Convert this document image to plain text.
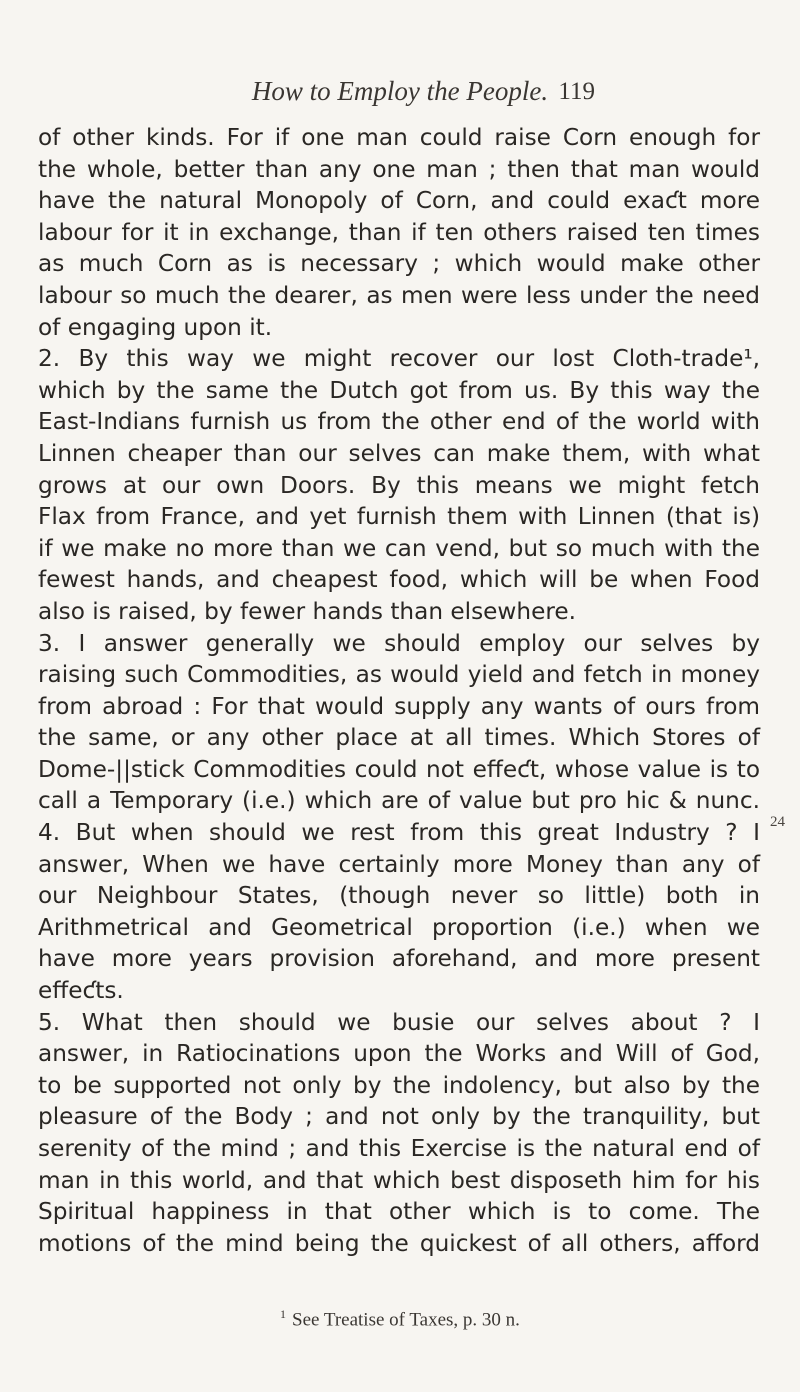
How to Employ the People. 119
of other kinds. For if one man could raise Corn enough for
the whole, better than any one man ; then that man would
have the natural Monopoly of Corn, and could exaƈt more
labour for it in exchange, than if ten others raised ten times
as much Corn as is necessary ; which would make other
labour so much the dearer, as men were less under the need
of engaging upon it.
2. By this way we might recover our lost Cloth-trade¹,
which by the same the Dutch got from us. By this way the
East-Indians furnish us from the other end of the world with
Linnen cheaper than our selves can make them, with what
grows at our own Doors. By this means we might fetch
Flax from France, and yet furnish them with Linnen (that is)
if we make no more than we can vend, but so much with the
fewest hands, and cheapest food, which will be when Food
also is raised, by fewer hands than elsewhere.
3. I answer generally we should employ our selves by
raising such Commodities, as would yield and fetch in money
from abroad : For that would supply any wants of ours from
the same, or any other place at all times. Which Stores of
Dome-||stick Commodities could not effeƈt, whose value is to
call a Temporary (i.e.) which are of value but pro hic & nunc.
4. But when should we rest from this great Industry ? I
answer, When we have certainly more Money than any of
our Neighbour States, (though never so little) both in
Arithmetrical and Geometrical proportion (i.e.) when we
have more years provision aforehand, and more present
effeƈts.
5. What then should we busie our selves about ? I
answer, in Ratiocinations upon the Works and Will of God,
to be supported not only by the indolency, but also by the
pleasure of the Body ; and not only by the tranquility, but
serenity of the mind ; and this Exercise is the natural end of
man in this world, and that which best disposeth him for his
Spiritual happiness in that other which is to come. The
motions of the mind being the quickest of all others, afford
24
$^1$ See Treatise of Taxes, p. 30 n.
